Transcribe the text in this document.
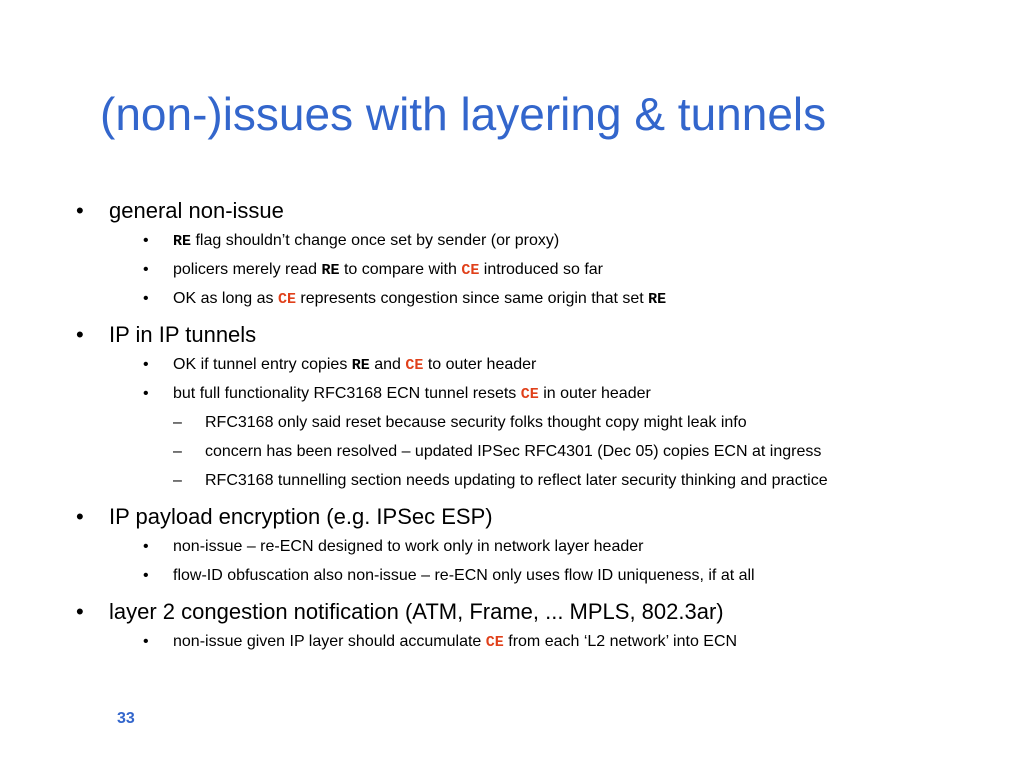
(non-)issues with layering & tunnels
•	general non-issue
• RE flag shouldn’t change once set by sender (or proxy)
• policers merely read RE to compare with CE introduced so far
• OK as long as CE represents congestion since same origin that set RE
•	IP in IP tunnels
• OK if tunnel entry copies RE and CE to outer header
• but full functionality RFC3168 ECN tunnel resets CE in outer header
– RFC3168 only said reset because security folks thought copy might leak info
– concern has been resolved – updated IPSec RFC4301 (Dec 05) copies ECN at ingress
– RFC3168 tunnelling section needs updating to reflect later security thinking and practice
•	IP payload encryption (e.g. IPSec ESP)
• non-issue – re-ECN designed to work only in network layer header
• flow-ID obfuscation also non-issue – re-ECN only uses flow ID uniqueness, if at all
•	layer 2 congestion notification (ATM, Frame, ... MPLS, 802.3ar)
• non-issue given IP layer should accumulate CE from each ‘L2 network’ into ECN
33
